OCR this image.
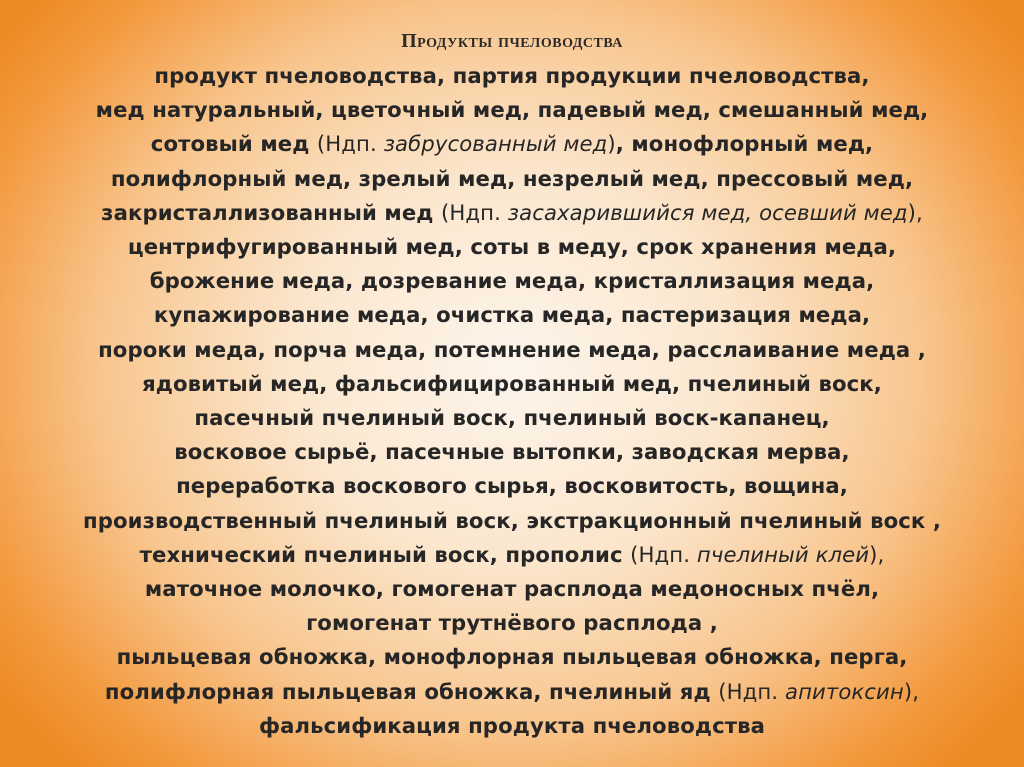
Продукты пчеловодства
продукт пчеловодства, партия продукции пчеловодства,
мед натуральный, цветочный мед, падевый мед, смешанный мед,
сотовый мед (Ндп. забрусованный мед), монофлорный мед,
полифлорный мед, зрелый мед, незрелый мед, прессовый мед,
закристаллизованный мед (Ндп. засахарившийся мед, осевший мед),
центрифугированный мед, соты в меду, срок хранения меда,
брожение меда, дозревание меда, кристаллизация меда,
купажирование меда, очистка меда, пастеризация меда,
пороки меда, порча меда, потемнение меда, расслаивание меда ,
ядовитый мед, фальсифицированный мед, пчелиный воск,
пасечный пчелиный воск, пчелиный воск-капанец,
восковое сырьё, пасечные вытопки, заводская мерва,
переработка воскового сырья, восковитость, вощина,
производственный пчелиный воск, экстракционный пчелиный воск ,
технический пчелиный воск, прополис (Ндп. пчелиный клей),
маточное молочко, гомогенат расплода медоносных пчёл,
гомогенат трутнёвого расплода ,
пыльцевая обножка, монофлорная пыльцевая обножка, перга,
полифлорная пыльцевая обножка, пчелиный яд (Ндп. апитоксин),
фальсификация продукта пчеловодства
